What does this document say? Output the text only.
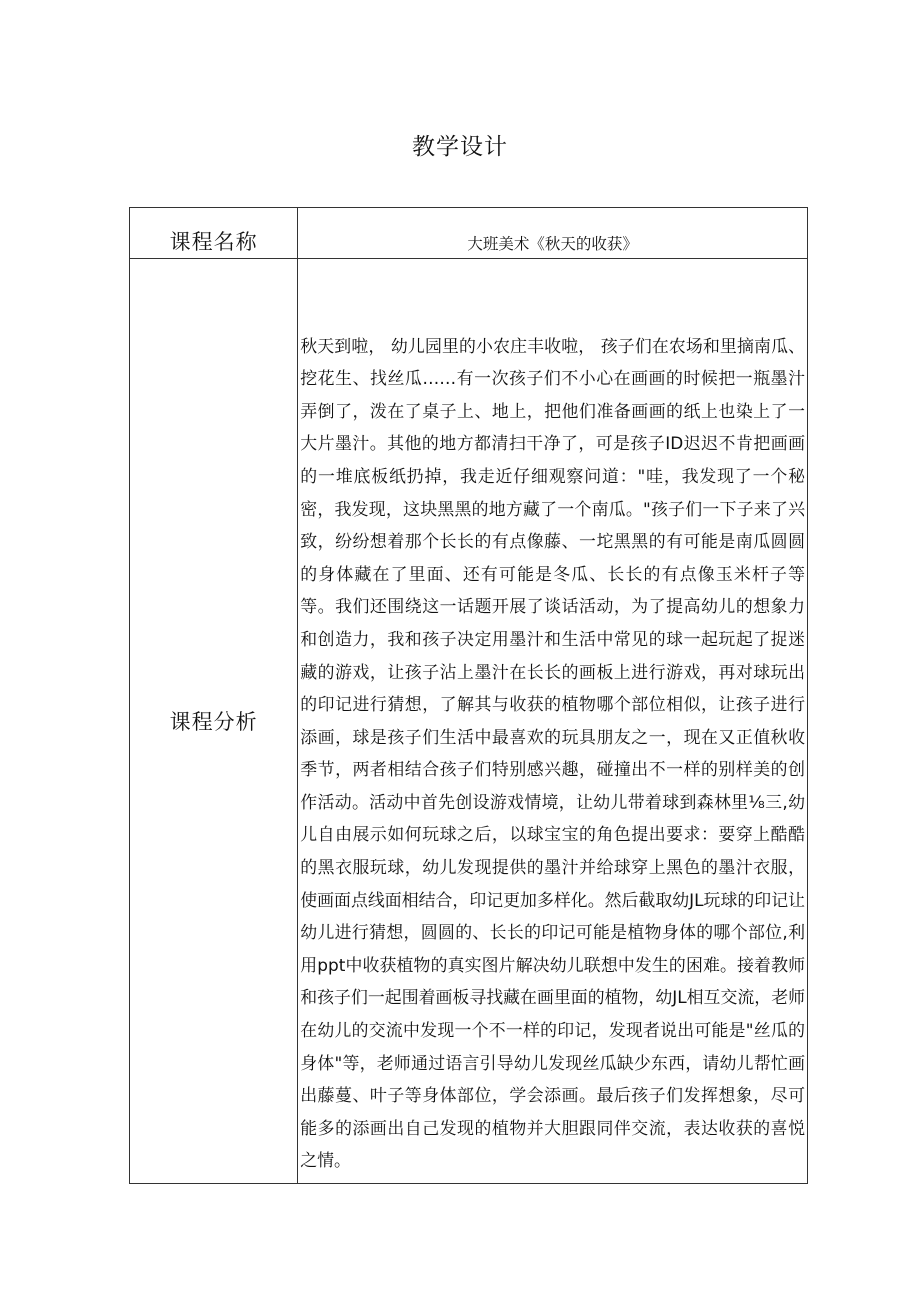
教学设计
课程名称	大班美术《秋天的收获》
课程分析	秋天到啦， 幼儿园里的小农庄丰收啦， 孩子们在农场和里摘南瓜、挖花生、找丝瓜……有一次孩子们不小心在画画的时候把一瓶墨汁弄倒了，泼在了桌子上、地上，把他们准备画画的纸上也染上了一大片墨汁。其他的地方都清扫干净了，可是孩子ID迟迟不肯把画画的一堆底板纸扔掉，我走近仔细观察问道："哇，我发现了一个秘密，我发现，这块黑黑的地方藏了一个南瓜。"孩子们一下子来了兴致，纷纷想着那个长长的有点像藤、一坨黑黑的有可能是南瓜圆圆的身体藏在了里面、还有可能是冬瓜、长长的有点像玉米杆子等等。我们还围绕这一话题开展了谈话活动，为了提高幼儿的想象力和创造力，我和孩子决定用墨汁和生活中常见的球一起玩起了捉迷藏的游戏，让孩子沾上墨汁在长长的画板上进行游戏，再对球玩出的印记进行猜想，了解其与收获的植物哪个部位相似，让孩子进行添画，球是孩子们生活中最喜欢的玩具朋友之一，现在又正值秋收季节，两者相结合孩子们特别感兴趣，碰撞出不一样的别样美的创作活动。活动中首先创设游戏情境，让幼儿带着球到森林里⅛三,幼儿自由展示如何玩球之后，以球宝宝的角色提出要求：要穿上酷酷的黑衣服玩球，幼儿发现提供的墨汁并给球穿上黑色的墨汁衣服，使画面点线面相结合，印记更加多样化。然后截取幼JL玩球的印记让幼儿进行猜想，圆圆的、长长的印记可能是植物身体的哪个部位,利用ppt中收获植物的真实图片解决幼儿联想中发生的困难。接着教师和孩子们一起围着画板寻找藏在画里面的植物，幼JL相互交流，老师在幼儿的交流中发现一个不一样的印记，发现者说出可能是"丝瓜的身体"等，老师通过语言引导幼儿发现丝瓜缺少东西，请幼儿帮忙画出藤蔓、叶子等身体部位，学会添画。最后孩子们发挥想象，尽可能多的添画出自己发现的植物并大胆跟同伴交流，表达收获的喜悦之情。
